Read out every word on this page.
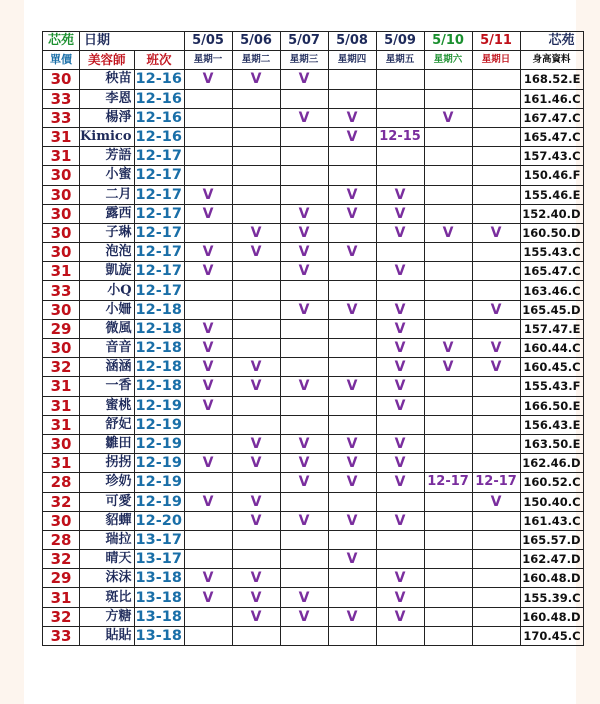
芯苑	日期		5/05	5/06	5/07	5/08	5/09	5/10	5/11	芯苑
單價	美容師	班次	星期一	星期二	星期三	星期四	星期五	星期六	星期日	身高資料
30	秧苗	12-16	V	V	V					168.52.E
33	李恩	12-16								161.46.C
33	楊淨	12-16			V	V		V		167.47.C
31	Kimico	12-16				V	12-15			165.47.C
31	芳語	12-17								157.43.C
30	小蜜	12-17								150.46.F
30	二月	12-17	V			V	V			155.46.E
30	露西	12-17	V		V	V	V			152.40.D
30	子琳	12-17		V	V		V	V	V	160.50.D
30	泡泡	12-17	V	V	V	V				155.43.C
31	凱旋	12-17	V		V		V			165.47.C
33	小Q	12-17								163.46.C
30	小姍	12-18			V	V	V		V	165.45.D
29	微風	12-18	V				V			157.47.E
30	音音	12-18	V				V	V	V	160.44.C
32	涵涵	12-18	V	V			V	V	V	160.45.C
31	一香	12-18	V	V	V	V	V			155.43.F
31	蜜桃	12-19	V				V			166.50.E
31	舒妃	12-19								156.43.E
30	雛田	12-19		V	V	V	V			163.50.E
31	拐拐	12-19	V	V	V	V	V			162.46.D
28	珍奶	12-19			V	V	V	12-17	12-17	160.52.C
32	可愛	12-19	V	V					V	150.40.C
30	貂蟬	12-20		V	V	V	V			161.43.C
28	瑞拉	13-17								165.57.D
32	晴天	13-17				V				162.47.D
29	沫沫	13-18	V	V			V			160.48.D
31	斑比	13-18	V	V	V		V			155.39.C
32	方糖	13-18		V	V	V	V			160.48.D
33	貼貼	13-18								170.45.C
